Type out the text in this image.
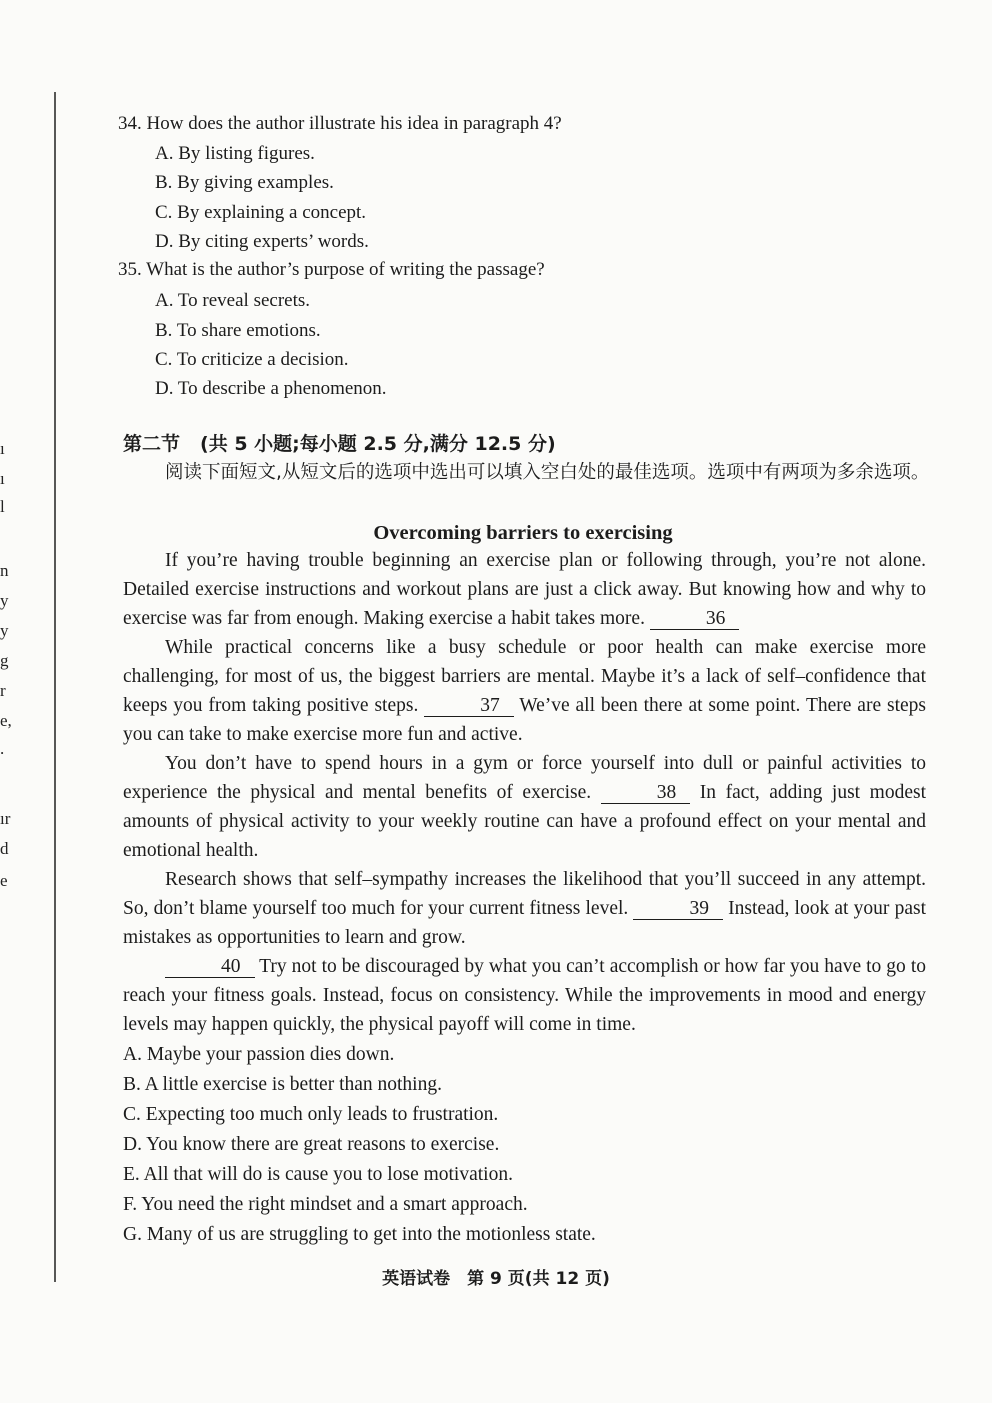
ı
ı
l
n
y
y
g
r
e,
.
ır
d
e
34. How does the author illustrate his idea in paragraph 4?
A. By listing figures.
B. By giving examples.
C. By explaining a concept.
D. By citing experts’ words.
35. What is the author’s purpose of writing the passage?
A. To reveal secrets.
B. To share emotions.
C. To criticize a decision.
D. To describe a phenomenon.
第二节 (共 5 小题;每小题 2.5 分,满分 12.5 分)
阅读下面短文,从短文后的选项中选出可以填入空白处的最佳选项。选项中有两项为多余选项。
Overcoming barriers to exercising

If you’re having trouble beginning an exercise plan or following through, you’re not alone. Detailed exercise instructions and workout plans are just a click away. But knowing how and why to exercise was far from enough. Making exercise a habit takes more.	36

While practical concerns like a busy schedule or poor health can make exercise more challenging, for most of us, the biggest barriers are mental. Maybe it’s a lack of self–confidence that keeps you from taking positive steps.	37 We’ve all been there at some point. There are steps you can take to make exercise more fun and active.

You don’t have to spend hours in a gym or force yourself into dull or painful activities to experience the physical and mental benefits of exercise.	38 In fact, adding just modest amounts of physical activity to your weekly routine can have a profound effect on your mental and emotional health.

Research shows that self–sympathy increases the likelihood that you’ll succeed in any attempt. So, don’t blame yourself too much for your current fitness level.	39 Instead, look at your past mistakes as opportunities to learn and grow.

40 Try not to be discouraged by what you can’t accomplish or how far you have to go to reach your fitness goals. Instead, focus on consistency. While the improvements in mood and energy levels may happen quickly, the physical payoff will come in time.

A. Maybe your passion dies down.
B. A little exercise is better than nothing.
C. Expecting too much only leads to frustration.
D. You know there are great reasons to exercise.
E. All that will do is cause you to lose motivation.
F. You need the right mindset and a smart approach.
G. Many of us are struggling to get into the motionless state.
英语试卷　第 9 页(共 12 页)
